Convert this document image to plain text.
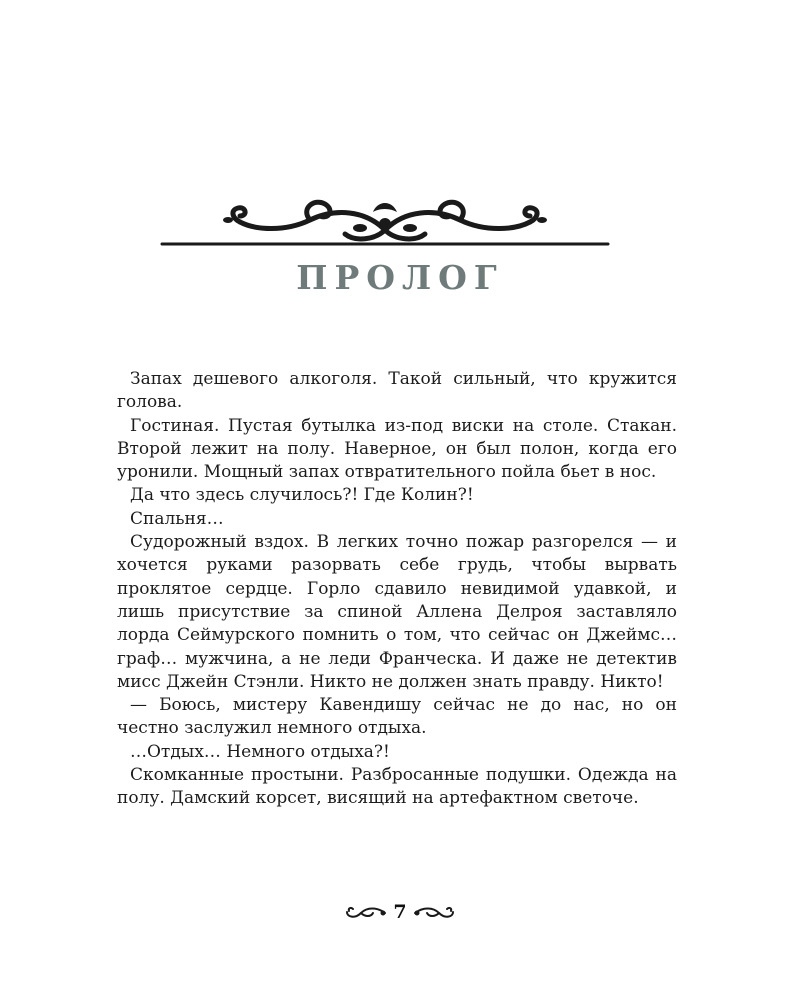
ПРОЛОГ

Запах дешевого алкоголя. Такой сильный, что кружится голова.

Гостиная. Пустая бутылка из-под виски на столе. Стакан. Второй лежит на полу. Наверное, он был полон, когда его уронили. Мощный запах отвратительного пойла бьет в нос.

Да что здесь случилось?! Где Колин?!

Спальня…

Судорожный вздох. В легких точно пожар разгорелся — и хочется руками разорвать себе грудь, чтобы вырвать проклятое сердце. Горло сдавило невидимой удавкой, и лишь присутствие за спиной Аллена Делроя заставляло лорда Сеймурского помнить о том, что сейчас он Джеймс… граф… мужчина, а не леди Франческа. И даже не детектив мисс Джейн Стэнли. Никто не должен знать правду. Никто!

— Боюсь, мистеру Кавендишу сейчас не до нас, но он честно заслужил немного отдыха.

…Отдых… Немного отдыха?!

Скомканные простыни. Разбросанные подушки. Одежда на полу. Дамский корсет, висящий на артефактном светоче.

7
